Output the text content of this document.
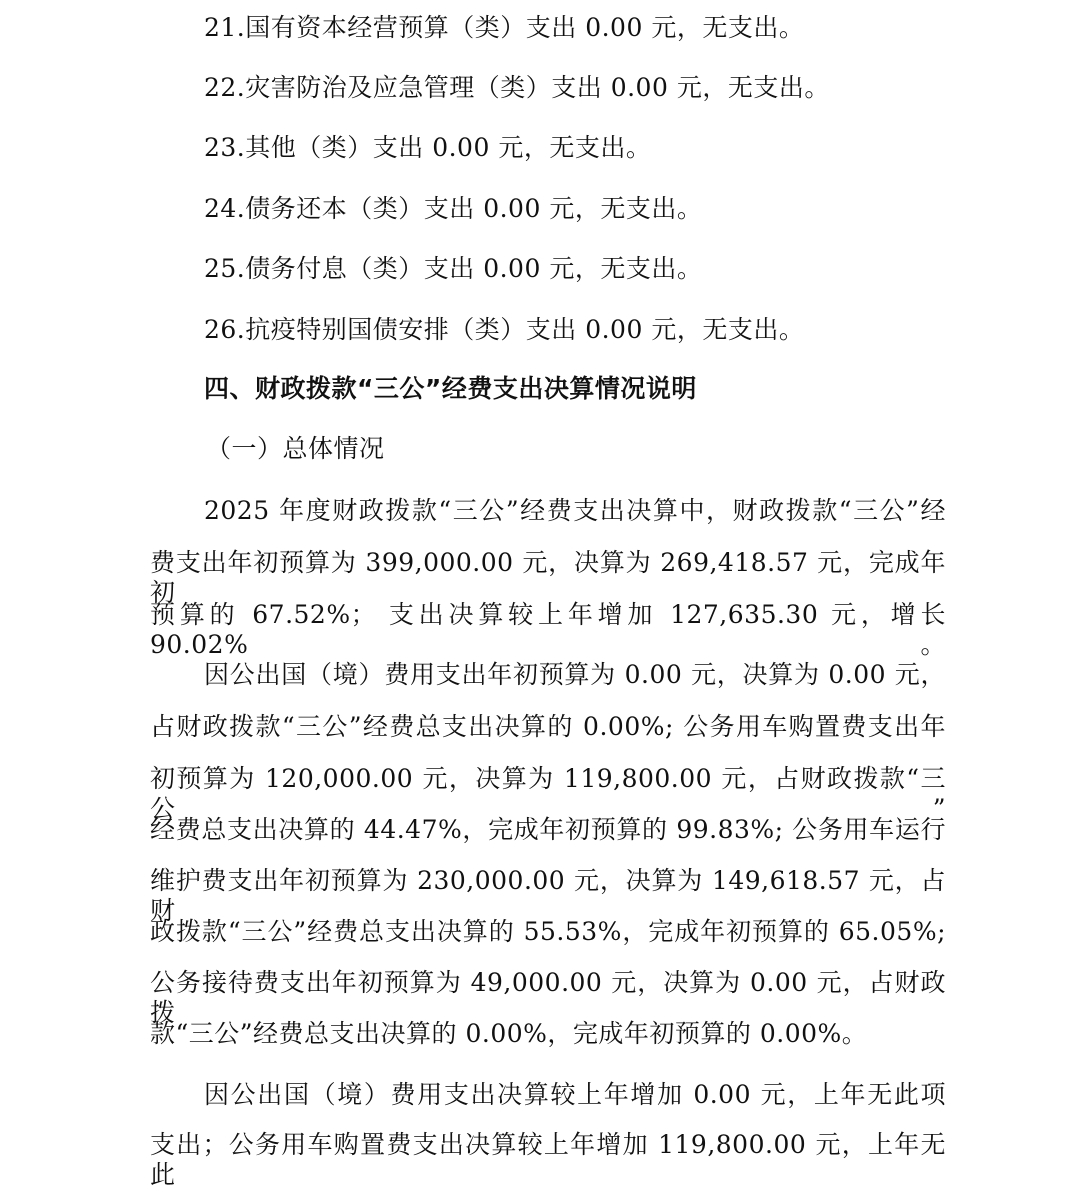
21.国有资本经营预算（类）支出 0.00 元，无支出。
22.灾害防治及应急管理（类）支出 0.00 元，无支出。
23.其他（类）支出 0.00 元，无支出。
24.债务还本（类）支出 0.00 元，无支出。
25.债务付息（类）支出 0.00 元，无支出。
26.抗疫特别国债安排（类）支出 0.00 元，无支出。
四、财政拨款“三公”经费支出决算情况说明
（一）总体情况
2025 年度财政拨款“三公”经费支出决算中，财政拨款“三公”经
费支出年初预算为 399,000.00 元，决算为 269,418.57 元，完成年初
预算的 67.52%； 支出决算较上年增加 127,635.30 元，增长 90.02%。
因公出国（境）费用支出年初预算为 0.00 元，决算为 0.00 元，
占财政拨款“三公”经费总支出决算的 0.00%; 公务用车购置费支出年
初预算为 120,000.00 元，决算为 119,800.00 元，占财政拨款“三公”
经费总支出决算的 44.47%，完成年初预算的 99.83%; 公务用车运行
维护费支出年初预算为 230,000.00 元，决算为 149,618.57 元，占财
政拨款“三公”经费总支出决算的 55.53%，完成年初预算的 65.05%;
公务接待费支出年初预算为 49,000.00 元，决算为 0.00 元，占财政拨
款“三公”经费总支出决算的 0.00%，完成年初预算的 0.00%。
因公出国（境）费用支出决算较上年增加 0.00 元，上年无此项
支出；公务用车购置费支出决算较上年增加 119,800.00 元，上年无此
